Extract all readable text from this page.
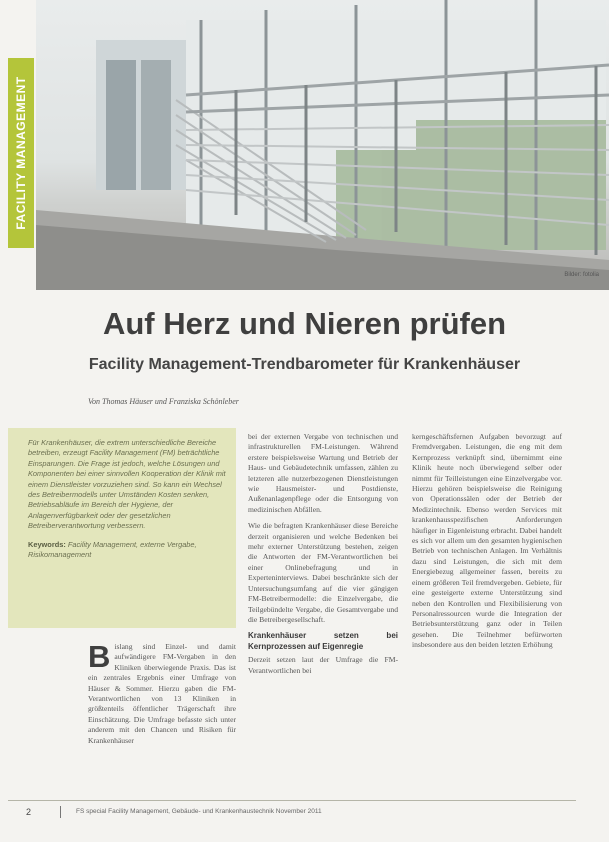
FACILITY MANAGEMENT
Bilder: fotolia
Auf Herz und Nieren prüfen
Facility Management-Trendbarometer für Krankenhäuser
Von Thomas Häuser und Franziska Schönleber

Für Krankenhäuser, die extrem unterschiedliche Bereiche betreiben, erzeugt Facility Management (FM) beträchtliche Einsparungen. Die Frage ist jedoch, welche Lösungen und Komponenten bei einer sinnvollen Kooperation der Klinik mit einem Dienstleister vorzuziehen sind. So kann ein Wechsel des Betreibermodells unter Umständen Kosten senken, Betriebsabläufe im Bereich der Hygiene, der Anlagenverfügbarkeit oder der gesetzlichen Betreiberverantwortung verbessern.

Keywords: Facility Management, externe Vergabe, Risikomanagement

Bislang sind Einzel- und damit aufwändigere FM-Vergaben in den Kliniken überwiegende Praxis. Das ist ein zentrales Ergebnis einer Umfrage von Häuser & Sommer. Hierzu gaben die FM-Verantwortlichen von 13 Kliniken in größtenteils öffentlicher Trägerschaft ihre Einschätzung. Die Umfrage befasste sich unter anderem mit den Chancen und Risiken für Krankenhäuser

bei der externen Vergabe von technischen und infrastrukturellen FM-Leistungen. Während erstere beispielsweise Wartung und Betrieb der Haus- und Gebäudetechnik umfassen, zählen zu letzteren alle nutzerbezogenen Dienstleistungen wie Hausmeister- und Postdienste, Außenanlagenpflege oder die Entsorgung von medizinischen Abfällen.

Wie die befragten Krankenhäuser diese Bereiche derzeit organisieren und welche Bedenken bei mehr externer Unterstützung bestehen, zeigen die Antworten der FM-Verantwortlichen bei einer Onlinebefragung und in Experteninterviews. Dabei beschränkte sich der Untersuchungsumfang auf die vier gängigen FM-Betreibermodelle: die Einzelvergabe, die Teilgebündelte Vergabe, die Gesamtvergabe und die Betreibergesellschaft.

Krankenhäuser setzen bei Kernprozessen auf Eigenregie

Derzeit setzen laut der Umfrage die FM-Verantwortlichen bei

kerngeschäftsfernen Aufgaben bevorzugt auf Fremdvergaben. Leistungen, die eng mit dem Kernprozess verknüpft sind, übernimmt eine Klinik heute noch überwiegend selber oder nimmt für Teilleistungen eine Einzelvergabe vor. Hierzu gehören beispielsweise die Reinigung von Operationssälen oder der Betrieb der Medizintechnik. Ebenso werden Services mit krankenhausspezifischen Anforderungen häufiger in Eigenleistung erbracht. Dabei handelt es sich vor allem um den gesamten hygienischen Betrieb von technischen Anlagen. Im Verhältnis dazu sind Leistungen, die sich mit dem Energiebezug allgemeiner fassen, bereits zu einem größeren Teil fremdvergeben. Gebiete, für eine gesteigerte externe Unterstützung sind neben den Kontrollen und Flexibilisierung von Personalressourcen wurde die Integration der Betriebsunterstützung ganz oder in Teilen gesehen. Die Teilnehmer befürworten insbesondere aus den beiden letzten Erhöhung

2	FS special Facility Management, Gebäude- und Krankenhaustechnik November 2011
